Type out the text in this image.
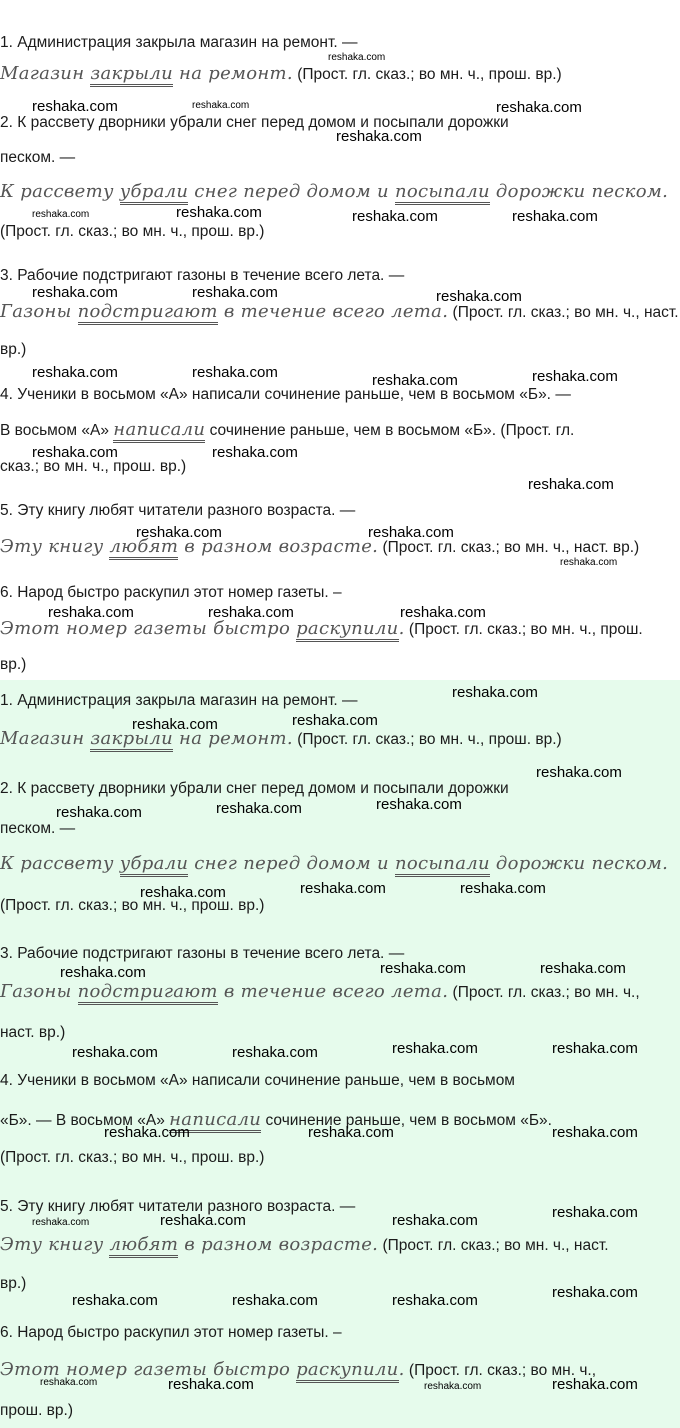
1. Администрация закрыла магазин на ремонт. —
Магазин закрыли на ремонт. (Прост. гл. сказ.; во мн. ч., прош. вр.)
2. К рассвету дворники убрали снег перед домом и посыпали дорожки
песком. —
К рассвету убрали снег перед домом и посыпали дорожки песком.
(Прост. гл. сказ.; во мн. ч., прош. вр.)
3. Рабочие подстригают газоны в течение всего лета. —
Газоны подстригают в течение всего лета. (Прост. гл. сказ.; во мн. ч., наст.
вр.)
4. Ученики в восьмом «А» написали сочинение раньше, чем в восьмом «Б». —
В восьмом «А» написали сочинение раньше, чем в восьмом «Б». (Прост. гл.
сказ.; во мн. ч., прош. вр.)
5. Эту книгу любят читатели разного возраста. —
Эту книгу любят в разном возрасте. (Прост. гл. сказ.; во мн. ч., наст. вр.)
6. Народ быстро раскупил этот номер газеты. –
Этот номер газеты быстро раскупили. (Прост. гл. сказ.; во мн. ч., прош.
вр.)
reshaka.com
reshaka.com	reshaka.com	reshaka.com
reshaka.com
reshaka.com	reshaka.com	reshaka.com	reshaka.com
reshaka.com	reshaka.com	reshaka.com
reshaka.com	reshaka.com	reshaka.com	reshaka.com
reshaka.com	reshaka.com
reshaka.com
reshaka.com	reshaka.com
reshaka.com
reshaka.com	reshaka.com	reshaka.com
1. Администрация закрыла магазин на ремонт. —
Магазин закрыли на ремонт. (Прост. гл. сказ.; во мн. ч., прош. вр.)
2. К рассвету дворники убрали снег перед домом и посыпали дорожки
песком. —
К рассвету убрали снег перед домом и посыпали дорожки песком.
(Прост. гл. сказ.; во мн. ч., прош. вр.)
3. Рабочие подстригают газоны в течение всего лета. —
Газоны подстригают в течение всего лета. (Прост. гл. сказ.; во мн. ч.,
наст. вр.)
4. Ученики в восьмом «А» написали сочинение раньше, чем в восьмом
«Б». — В восьмом «А» написали сочинение раньше, чем в восьмом «Б».
(Прост. гл. сказ.; во мн. ч., прош. вр.)
5. Эту книгу любят читатели разного возраста. —
Эту книгу любят в разном возрасте. (Прост. гл. сказ.; во мн. ч., наст.
вр.)
6. Народ быстро раскупил этот номер газеты. –
Этот номер газеты быстро раскупили. (Прост. гл. сказ.; во мн. ч.,
прош. вр.)
reshaka.com
reshaka.com	reshaka.com
reshaka.com
reshaka.com	reshaka.com	reshaka.com
reshaka.com	reshaka.com	reshaka.com
reshaka.com	reshaka.com	reshaka.com
reshaka.com	reshaka.com	reshaka.com	reshaka.com
reshaka.com	reshaka.com	reshaka.com
reshaka.com	reshaka.com	reshaka.com	reshaka.com
reshaka.com	reshaka.com	reshaka.com	reshaka.com
reshaka.com	reshaka.com	reshaka.com	reshaka.com
